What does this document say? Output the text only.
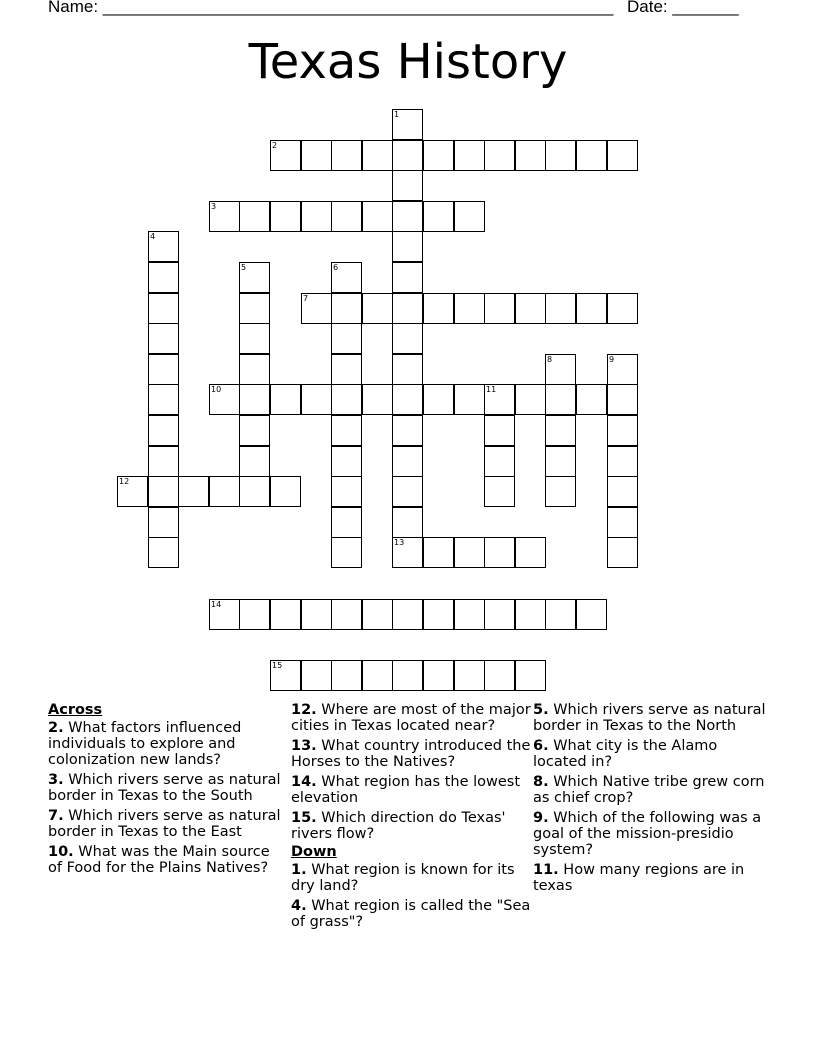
Name: ______________________________________________________ Date: _______
Texas History
1
13
2
3
4
5	6
7
8	9
10	11
12
14
15
Across
2. What factors influenced individuals to explore and colonization new lands?
3. Which rivers serve as natural border in Texas to the South
7. Which rivers serve as natural border in Texas to the East
10. What was the Main source of Food for the Plains Natives?
12. Where are most of the major cities in Texas located near?
13. What country introduced the Horses to the Natives?
14. What region has the lowest elevation
15. Which direction do Texas' rivers flow?
Down
1. What region is known for its dry land?
4. What region is called the "Sea of grass"?
5. Which rivers serve as natural border in Texas to the North
6. What city is the Alamo located in?
8. Which Native tribe grew corn as chief crop?
9. Which of the following was a goal of the mission-presidio system?
11. How many regions are in texas
